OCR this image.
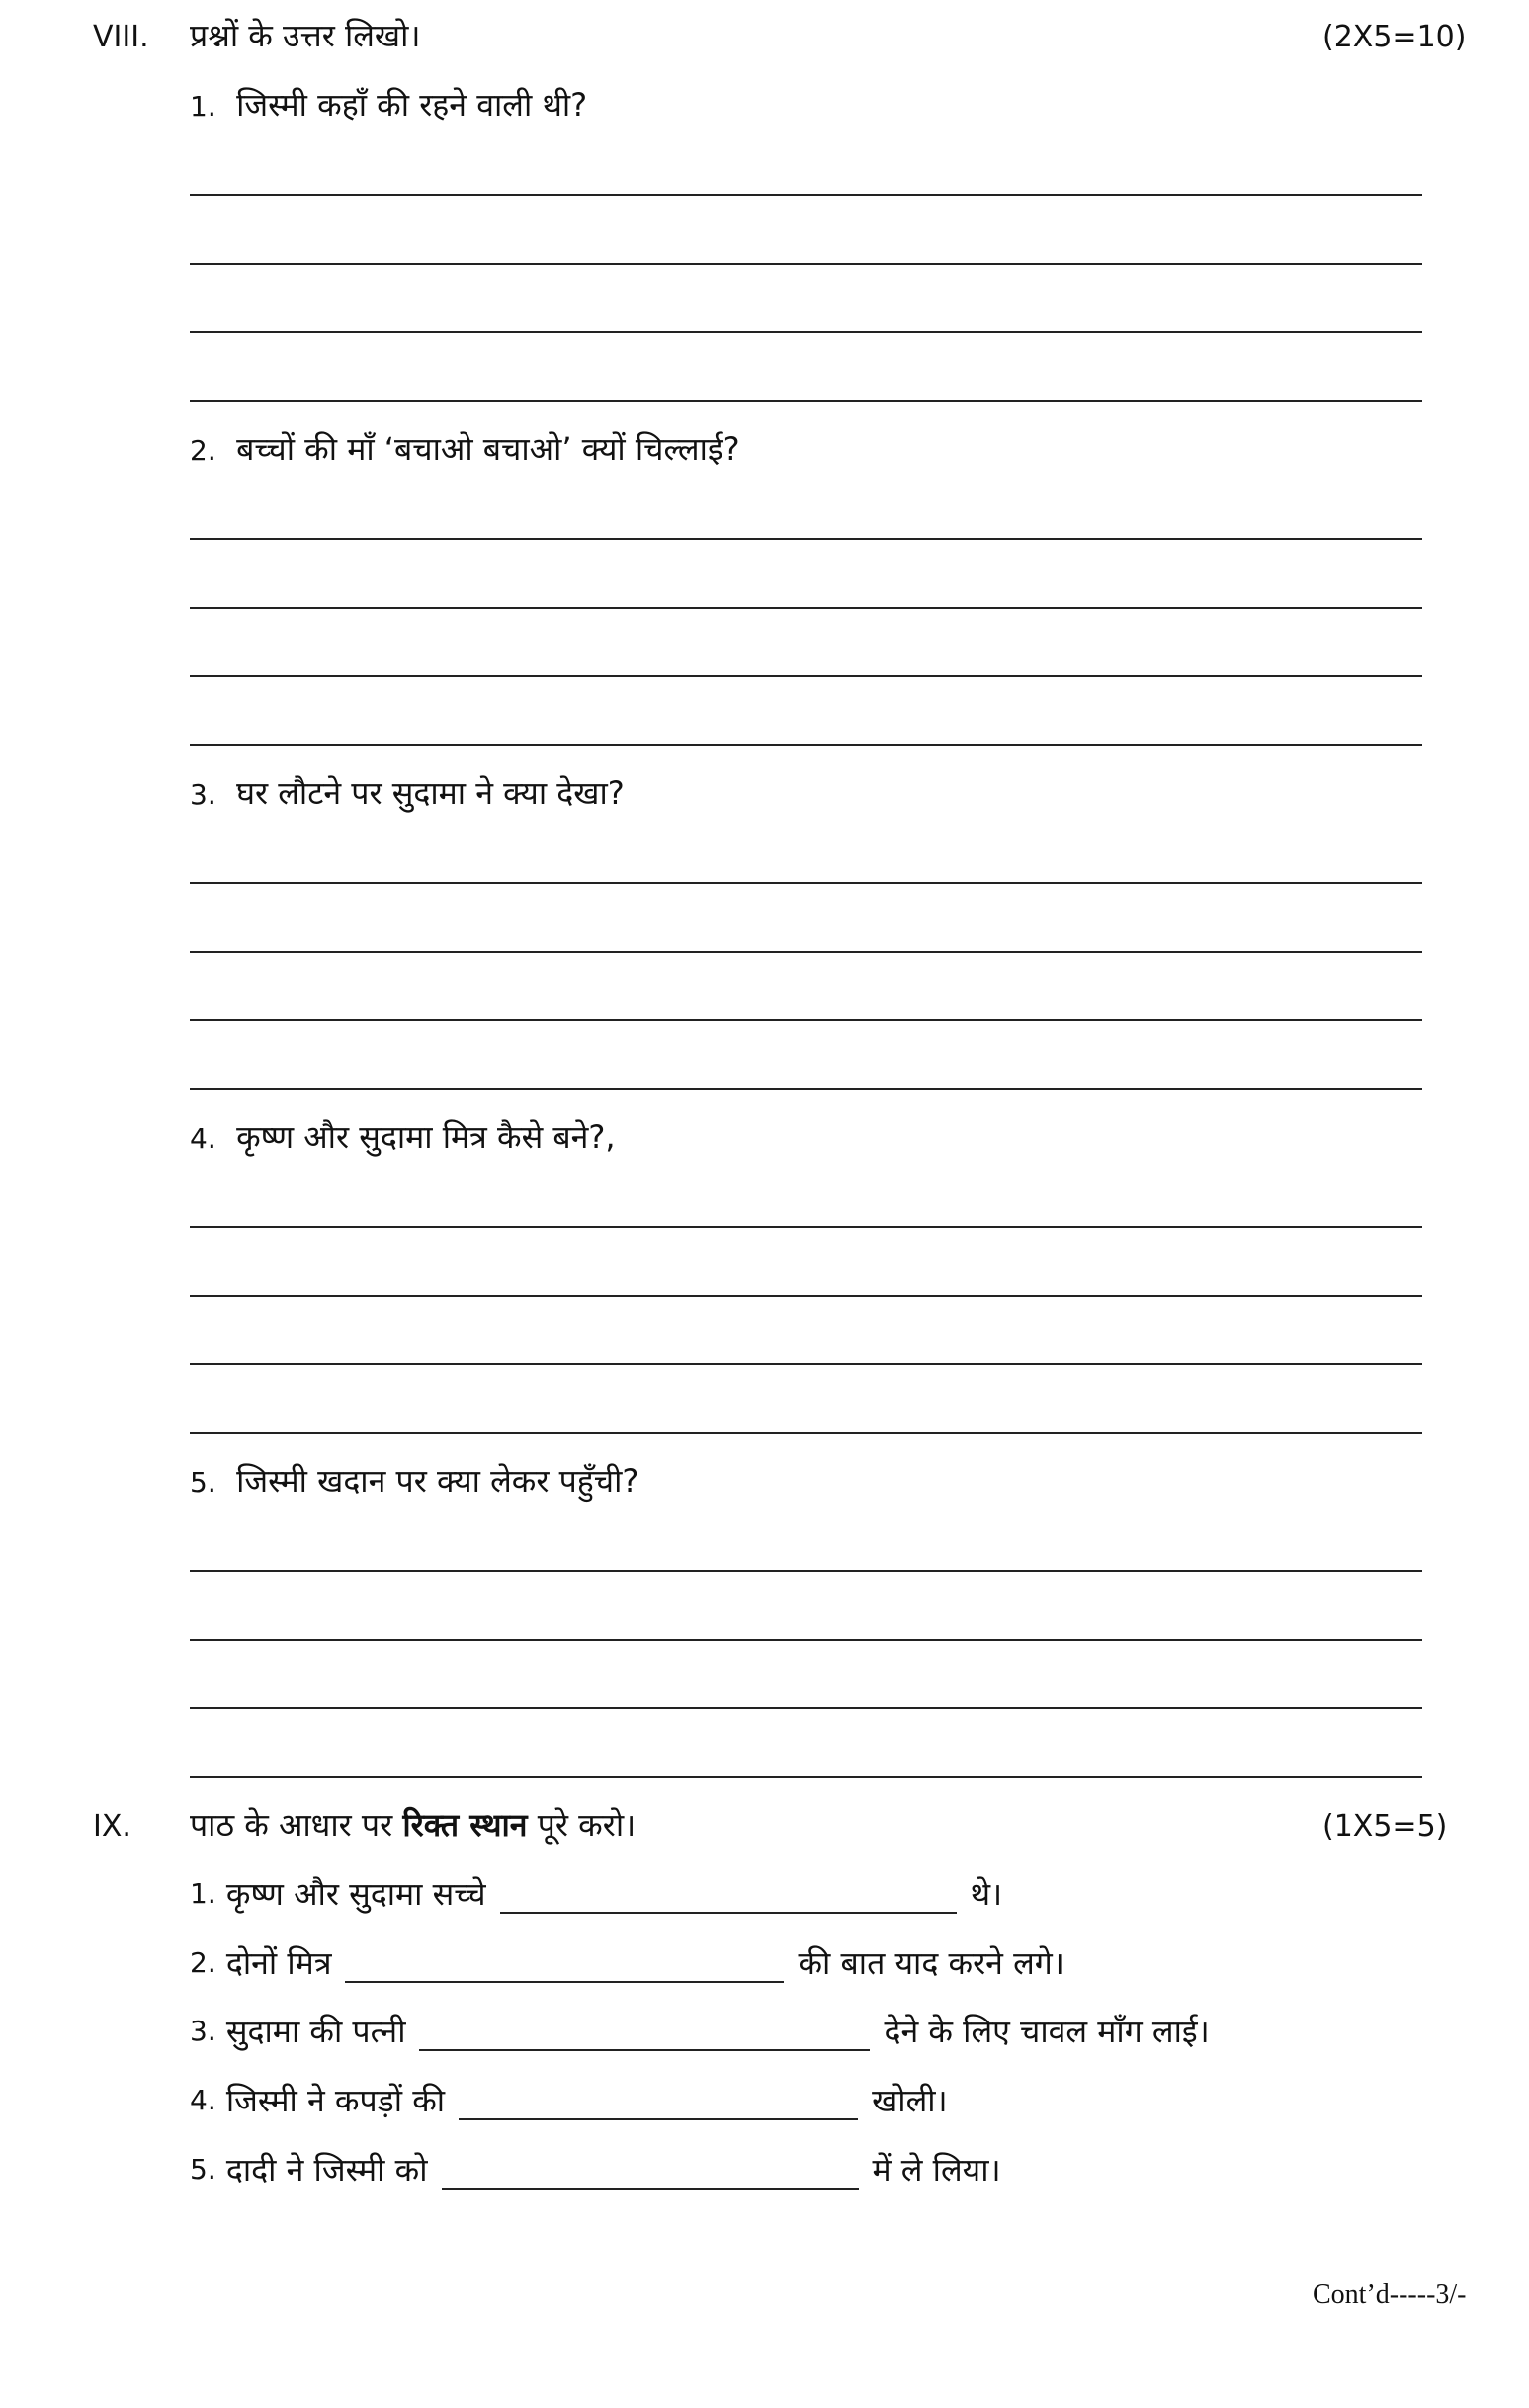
VIII. प्रश्नों के उत्तर लिखो।	(2X5=10)
1. जिस्मी कहाँ की रहने वाली थी?
2. बच्चों की माँ ‘बचाओ बचाओ’ क्यों चिल्लाई?
3. घर लौटने पर सुदामा ने क्या देखा?
4. कृष्ण और सुदामा मित्र कैसे बने?,
5. जिस्मी खदान पर क्या लेकर पहुँची?
IX. पाठ के आधार पर रिक्त स्थान पूरे करो।	(1X5=5)
1.
कृष्ण और सुदामा सच्चे	थे।
2.
दोनों मित्र	की बात याद करने लगे।
3.
सुदामा की पत्नी	देने के लिए चावल माँग लाई।
4.
जिस्मी ने कपड़ों की	खोली।
5.
दादी ने जिस्मी को	में ले लिया।
Cont’d-----3/-
